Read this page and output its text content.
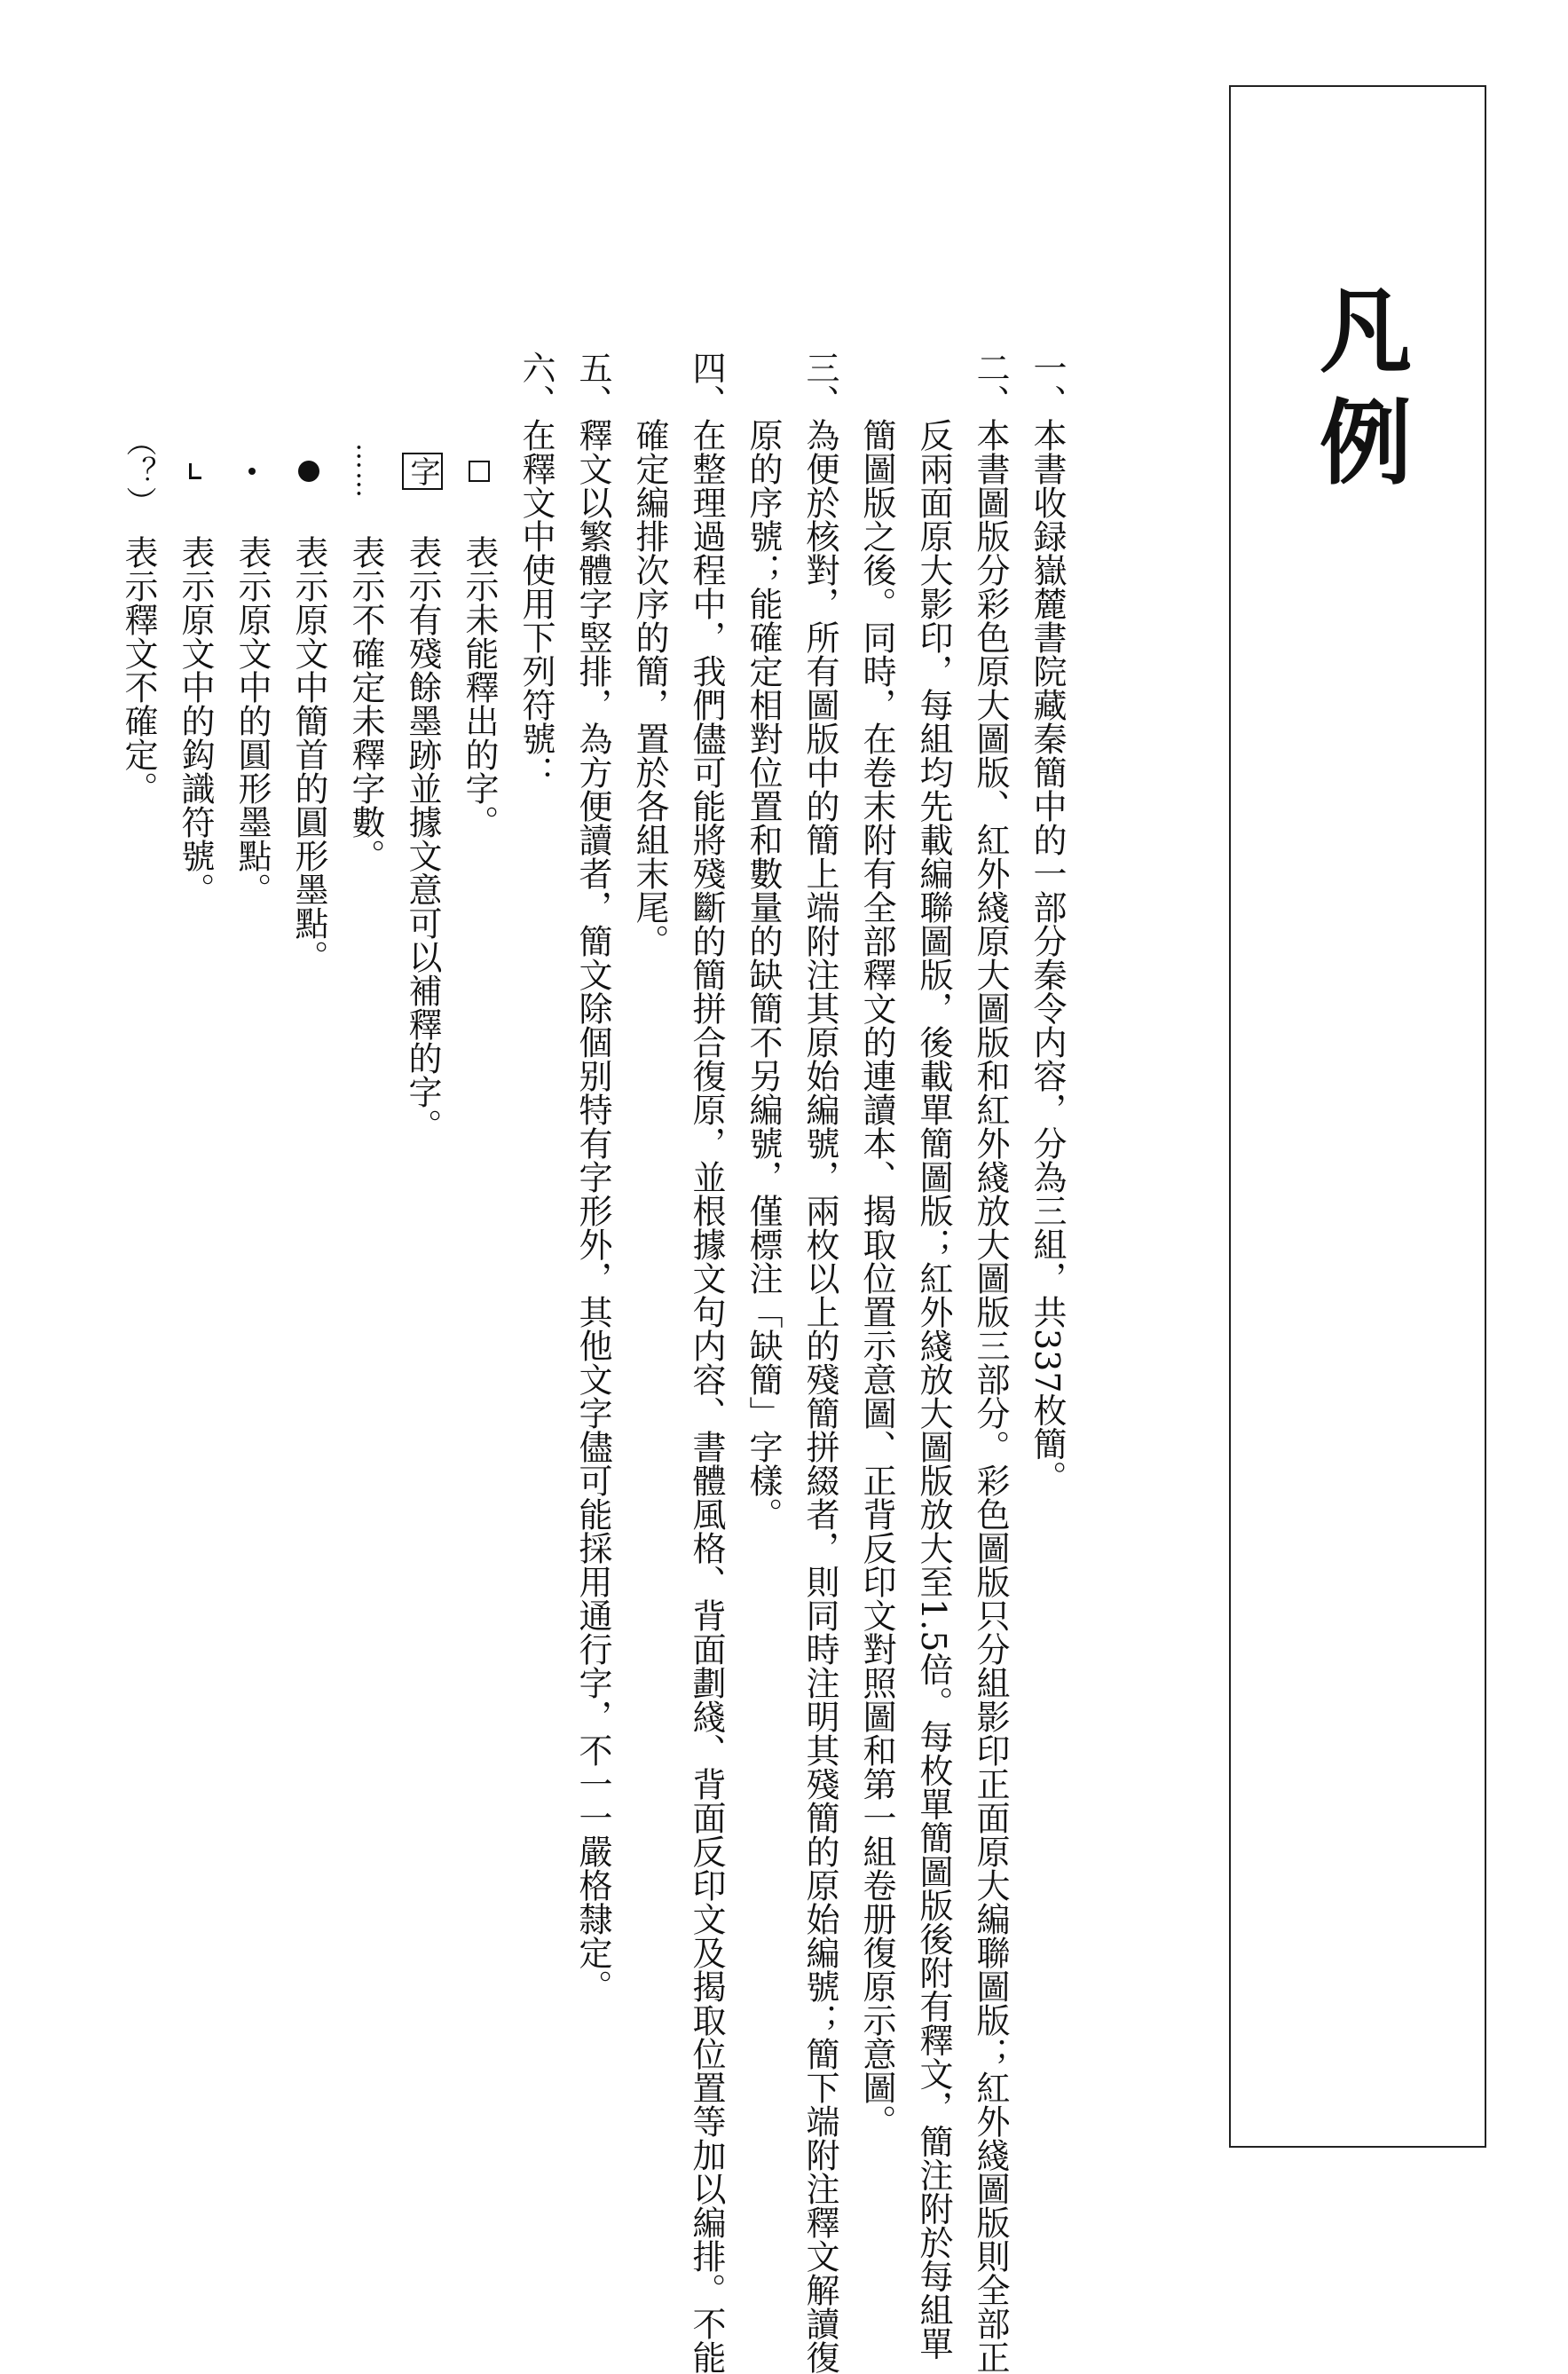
凡例
一、本書收録嶽麓書院藏秦簡中的一部分秦令内容，分為三組，共337枚簡。
二、本書圖版分彩色原大圖版、紅外綫原大圖版和紅外綫放大圖版三部分。彩色圖版只分組影印正面原大編聯圖版；紅外綫圖版則全部正
反兩面原大影印，每組均先載編聯圖版，後載單簡圖版；紅外綫放大圖版放大至1.5倍。每枚單簡圖版後附有釋文，簡注附於每組單
簡圖版之後。同時，在卷末附有全部釋文的連讀本、揭取位置示意圖、正背反印文對照圖和第一組卷册復原示意圖。
三、為便於核對，所有圖版中的簡上端附注其原始編號，兩枚以上的殘簡拼綴者，則同時注明其殘簡的原始編號；簡下端附注釋文解讀復
原的序號；能確定相對位置和數量的缺簡不另編號，僅標注「缺簡」字樣。
四、在整理過程中，我們儘可能將殘斷的簡拼合復原，並根據文句内容、書體風格、背面劃綫、背面反印文及揭取位置等加以編排。不能
確定編排次序的簡，置於各組末尾。
五、釋文以繁體字竪排，為方便讀者，簡文除個别特有字形外，其他文字儘可能採用通行字，不一一嚴格隸定。
六、在釋文中使用下列符號：
表示未能釋出的字。
字表示有殘餘墨跡並據文意可以補釋的字。
……表示不確定未釋字數。
表示原文中簡首的圓形墨點。
表示原文中的圓形墨點。
表示原文中的鈎識符號。
（？）表示釋文不確定。
